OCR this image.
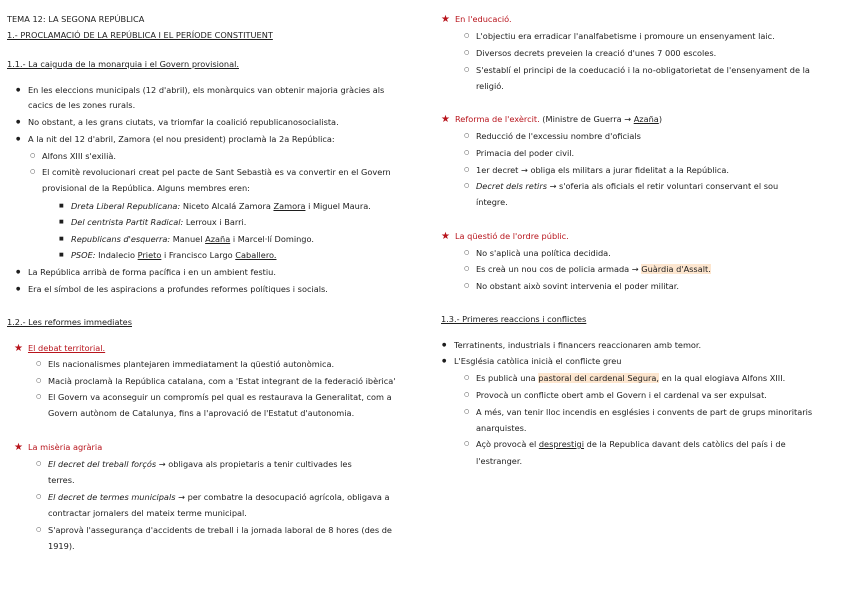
TEMA 12: LA SEGONA REPÚBLICA
1.- PROCLAMACIÓ DE LA REPÚBLICA I EL PERÍODE CONSTITUENT
1.1.- La caiguda de la monarquia i el Govern provisional.
● En les eleccions municipals (12 d'abril), els monàrquics van obtenir majoria gràcies als
cacics de les zones rurals.
● No obstant, a les grans ciutats, va triomfar la coalició republicanosocialista.
● A la nit del 12 d'abril, Zamora (el nou president) proclamà la 2a República:
○ Alfons XIII s'exilià.
○ El comitè revolucionari creat pel pacte de Sant Sebastià es va convertir en el Govern
provisional de la República. Alguns membres eren:
■ Dreta Liberal Republicana: Niceto Alcalá Zamora Zamora i Miguel Maura.
■ Del centrista Partit Radical: Lerroux i Barri.
■ Republicans d'esquerra: Manuel Azaña i Marcel·lí Domingo.
■ PSOE: Indalecio Prieto i Francisco Largo Caballero.
● La República arribà de forma pacífica i en un ambient festiu.
● Era el símbol de les aspiracions a profundes reformes polítiques i socials.
1.2.- Les reformes immediates
★ El debat territorial.
○ Els nacionalismes plantejaren immediatament la qüestió autonòmica.
○ Macià proclamà la República catalana, com a 'Estat integrant de la federació ibèrica'
○ El Govern va aconseguir un compromís pel qual es restaurava la Generalitat, com a
Govern autònom de Catalunya, fins a l'aprovació de l'Estatut d'autonomia.
★ La misèria agrària
○ El decret del treball forçós → obligava als propietaris a tenir cultivades les
terres.
○ El decret de termes municipals → per combatre la desocupació agrícola, obligava a
contractar jornalers del mateix terme municipal.
○ S'aprovà l'assegurança d'accidents de treball i la jornada laboral de 8 hores (des de
1919).
★ En l'educació.
○ L'objectiu era erradicar l'analfabetisme i promoure un ensenyament laic.
○ Diversos decrets preveien la creació d'unes 7 000 escoles.
○ S'establí el principi de la coeducació i la no-obligatorietat de l'ensenyament de la
religió.
★ Reforma de l'exèrcit. (Ministre de Guerra → Azaña)
○ Reducció de l'excessiu nombre d'oficials
○ Primacia del poder civil.
○ 1er decret → obliga els militars a jurar fidelitat a la República.
○ Decret dels retirs → s'oferia als oficials el retir voluntari conservant el sou
íntegre.
★ La qüestió de l'ordre públic.
○ No s'aplicà una política decidida.
○ Es creà un nou cos de policia armada → Guàrdia d'Assalt.
○ No obstant això sovint intervenia el poder militar.
1.3.- Primeres reaccions i conflictes
● Terratinents, industrials i financers reaccionaren amb temor.
● L'Església catòlica inicià el conflicte greu
○ Es publicà una pastoral del cardenal Segura, en la qual elogiava Alfons XIII.
○ Provocà un conflicte obert amb el Govern i el cardenal va ser expulsat.
○ A més, van tenir lloc incendis en esglésies i convents de part de grups minoritaris
anarquistes.
○ Açò provocà el desprestigi de la Republica davant dels catòlics del país i de
l'estranger.
